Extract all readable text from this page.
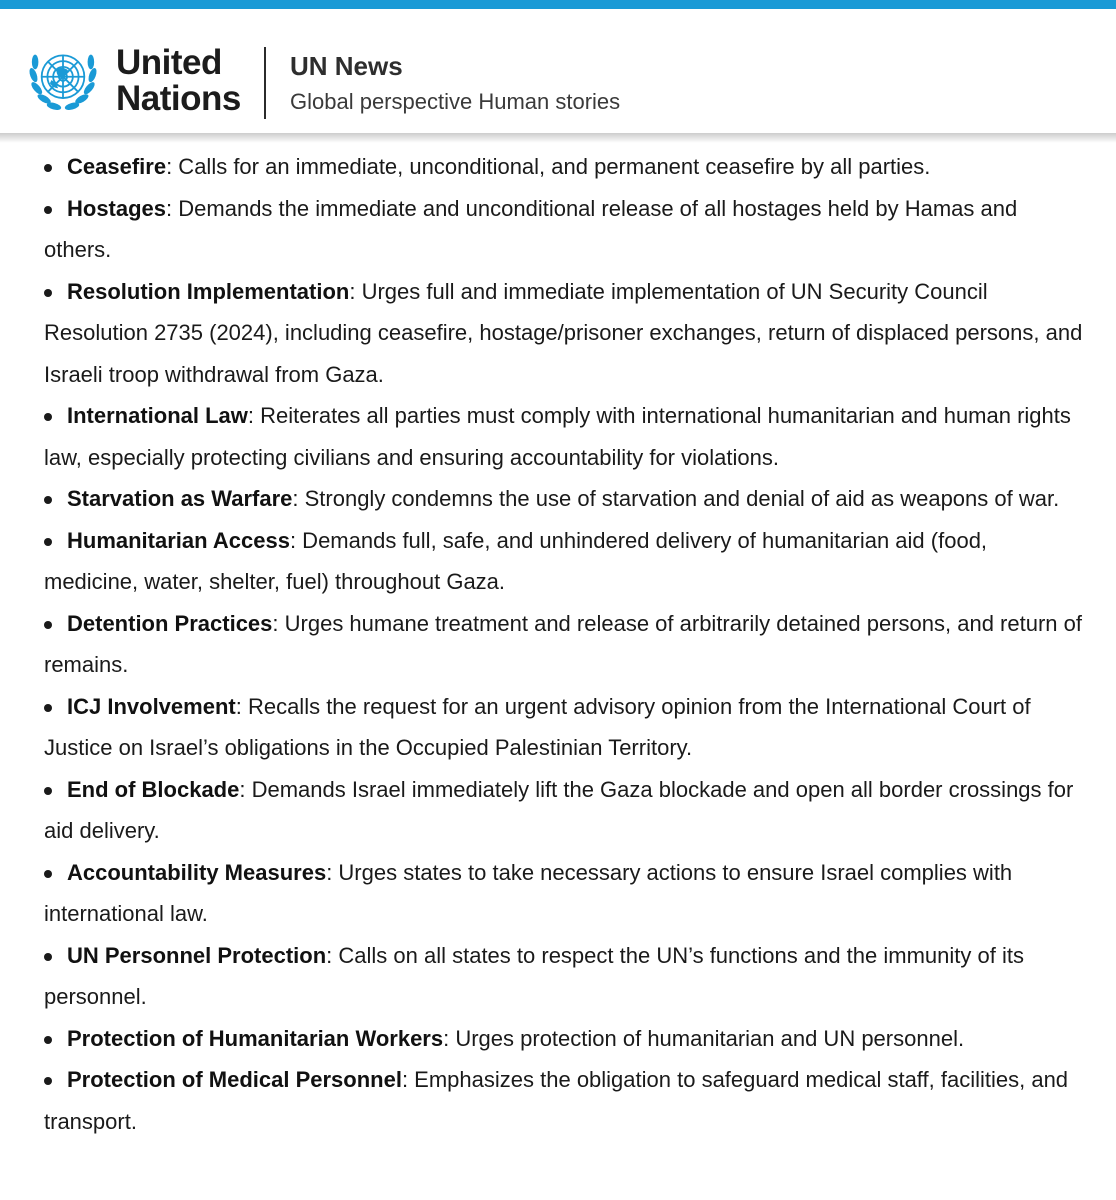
United
Nations
UN News
Global perspective Human stories
Ceasefire: Calls for an immediate, unconditional, and permanent ceasefire by all parties.
Hostages: Demands the immediate and unconditional release of all hostages held by Hamas and others.
Resolution Implementation: Urges full and immediate implementation of UN Security Council Resolution 2735 (2024), including ceasefire, hostage/prisoner exchanges, return of displaced persons, and Israeli troop withdrawal from Gaza.
International Law: Reiterates all parties must comply with international humanitarian and human rights law, especially protecting civilians and ensuring accountability for violations.
Starvation as Warfare: Strongly condemns the use of starvation and denial of aid as weapons of war.
Humanitarian Access: Demands full, safe, and unhindered delivery of humanitarian aid (food, medicine, water, shelter, fuel) throughout Gaza.
Detention Practices: Urges humane treatment and release of arbitrarily detained persons, and return of remains.
ICJ Involvement: Recalls the request for an urgent advisory opinion from the International Court of Justice on Israel’s obligations in the Occupied Palestinian Territory.
End of Blockade: Demands Israel immediately lift the Gaza blockade and open all border crossings for aid delivery.
Accountability Measures: Urges states to take necessary actions to ensure Israel complies with international law.
UN Personnel Protection: Calls on all states to respect the UN’s functions and the immunity of its personnel.
Protection of Humanitarian Workers: Urges protection of humanitarian and UN personnel.
Protection of Medical Personnel: Emphasizes the obligation to safeguard medical staff, facilities, and transport.
